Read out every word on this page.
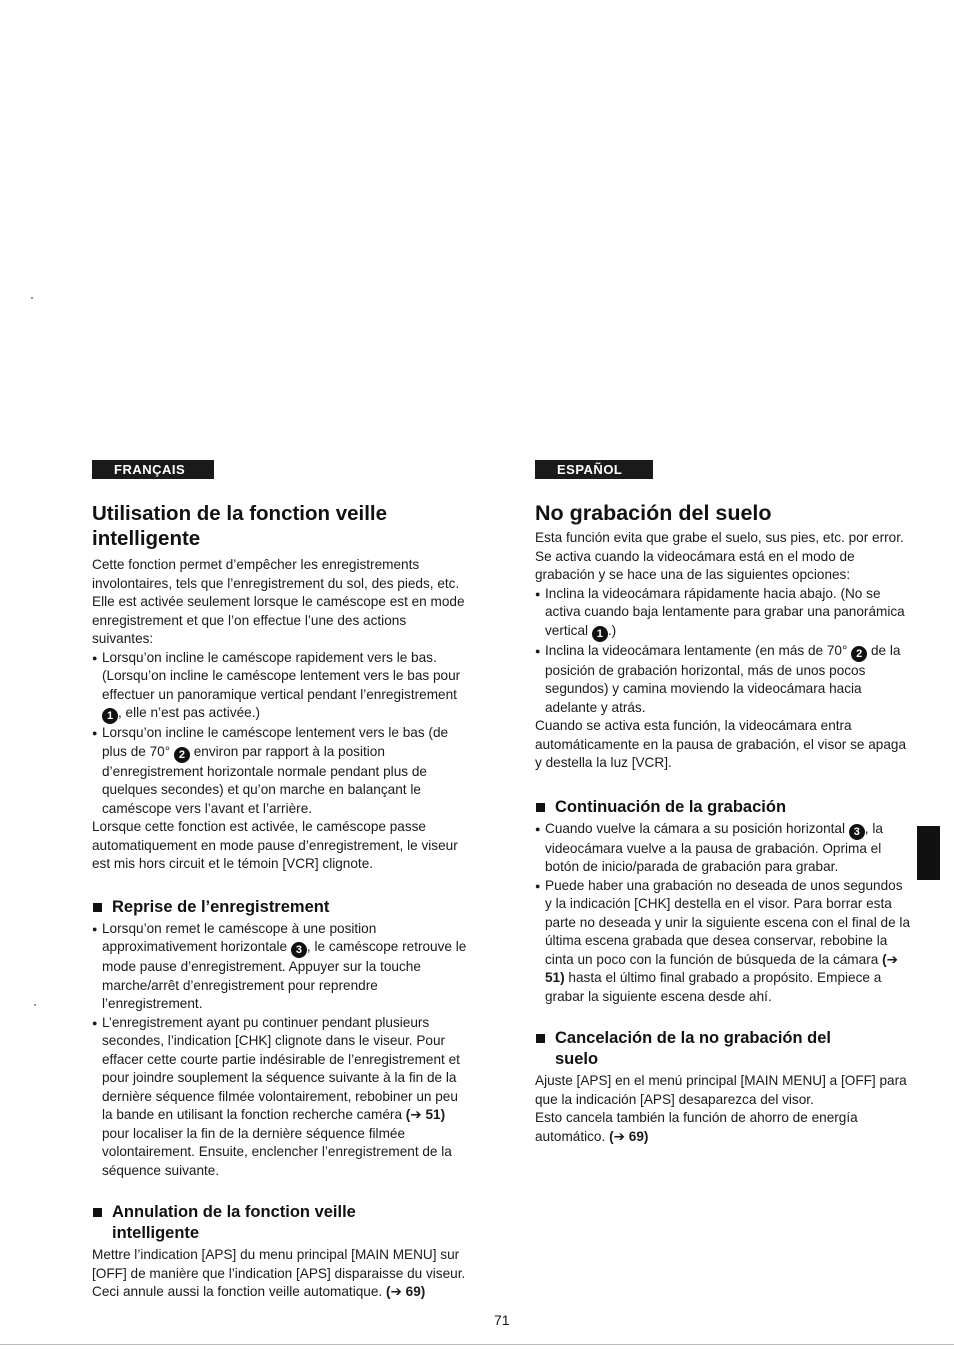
FRANÇAIS
Utilisation de la fonction veille intelligente

Cette fonction permet d’empêcher les enregistrements involontaires, tels que l’enregistrement du sol, des pieds, etc. Elle est activée seulement lorsque le caméscope est en mode enregistrement et que l’on effectue l’une des actions suivantes:

● Lorsqu’on incline le caméscope rapidement vers le bas. (Lorsqu’on incline le caméscope lentement vers le bas pour effectuer un panoramique vertical pendant l’enregistrement 1 , elle n’est pas activée.)
● Lorsqu’on incline le caméscope lentement vers le bas (de plus de 70° 2 environ par rapport à la position d’enregistrement horizontale normale pendant plus de quelques secondes) et qu’on marche en balançant le caméscope vers l’avant et l’arrière.

Lorsque cette fonction est activée, le caméscope passe automatiquement en mode pause d’enregistrement, le viseur est mis hors circuit et le témoin [VCR] clignote.

Reprise de l’enregistrement
● Lorsqu’on remet le caméscope à une position approximativement horizontale 3 , le caméscope retrouve le mode pause d’enregistrement. Appuyer sur la touche marche/arrêt d’enregistrement pour reprendre l’enregistrement.
● L’enregistrement ayant pu continuer pendant plusieurs secondes, l’indication [CHK] clignote dans le viseur. Pour effacer cette courte partie indésirable de l’enregistrement et pour joindre souplement la séquence suivante à la fin de la dernière séquence filmée volontairement, rebobiner un peu la bande en utilisant la fonction recherche caméra (➔ 51) pour localiser la fin de la dernière séquence filmée volontairement. Ensuite, enclencher l’enregistrement de la séquence suivante.
Annulation de la fonction veille
intelligente

Mettre l’indication [APS] du menu principal [MAIN MENU] sur [OFF] de manière que l’indication [APS] disparaisse du viseur.

Ceci annule aussi la fonction veille automatique. (➔ 69)

ESPAÑOL
No grabación del suelo

Esta función evita que grabe el suelo, sus pies, etc. por error. Se activa cuando la videocámara está en el modo de grabación y se hace una de las siguientes opciones:

● Inclina la videocámara rápidamente hacia abajo. (No se activa cuando baja lentamente para grabar una panorámica vertical 1 .)
● Inclina la videocámara lentamente (en más de 70° 2 de la posición de grabación horizontal, más de unos pocos segundos) y camina moviendo la videocámara hacia adelante y atrás.

Cuando se activa esta función, la videocámara entra automáticamente en la pausa de grabación, el visor se apaga y destella la luz [VCR].

Continuación de la grabación
● Cuando vuelve la cámara a su posición horizontal 3 , la videocámara vuelve a la pausa de grabación. Oprima el botón de inicio/parada de grabación para grabar.
● Puede haber una grabación no deseada de unos segundos y la indicación [CHK] destella en el visor. Para borrar esta parte no deseada y unir la siguiente escena con el final de la última escena grabada que desea conservar, rebobine la cinta un poco con la función de búsqueda de la cámara (➔ 51) hasta el último final grabado a propósito. Empiece a grabar la siguiente escena desde ahí.
Cancelación de la no grabación del
suelo

Ajuste [APS] en el menú principal [MAIN MENU] a [OFF] para que la indicación [APS] desaparezca del visor.

Esto cancela también la función de ahorro de energía automático. (➔ 69)

71
